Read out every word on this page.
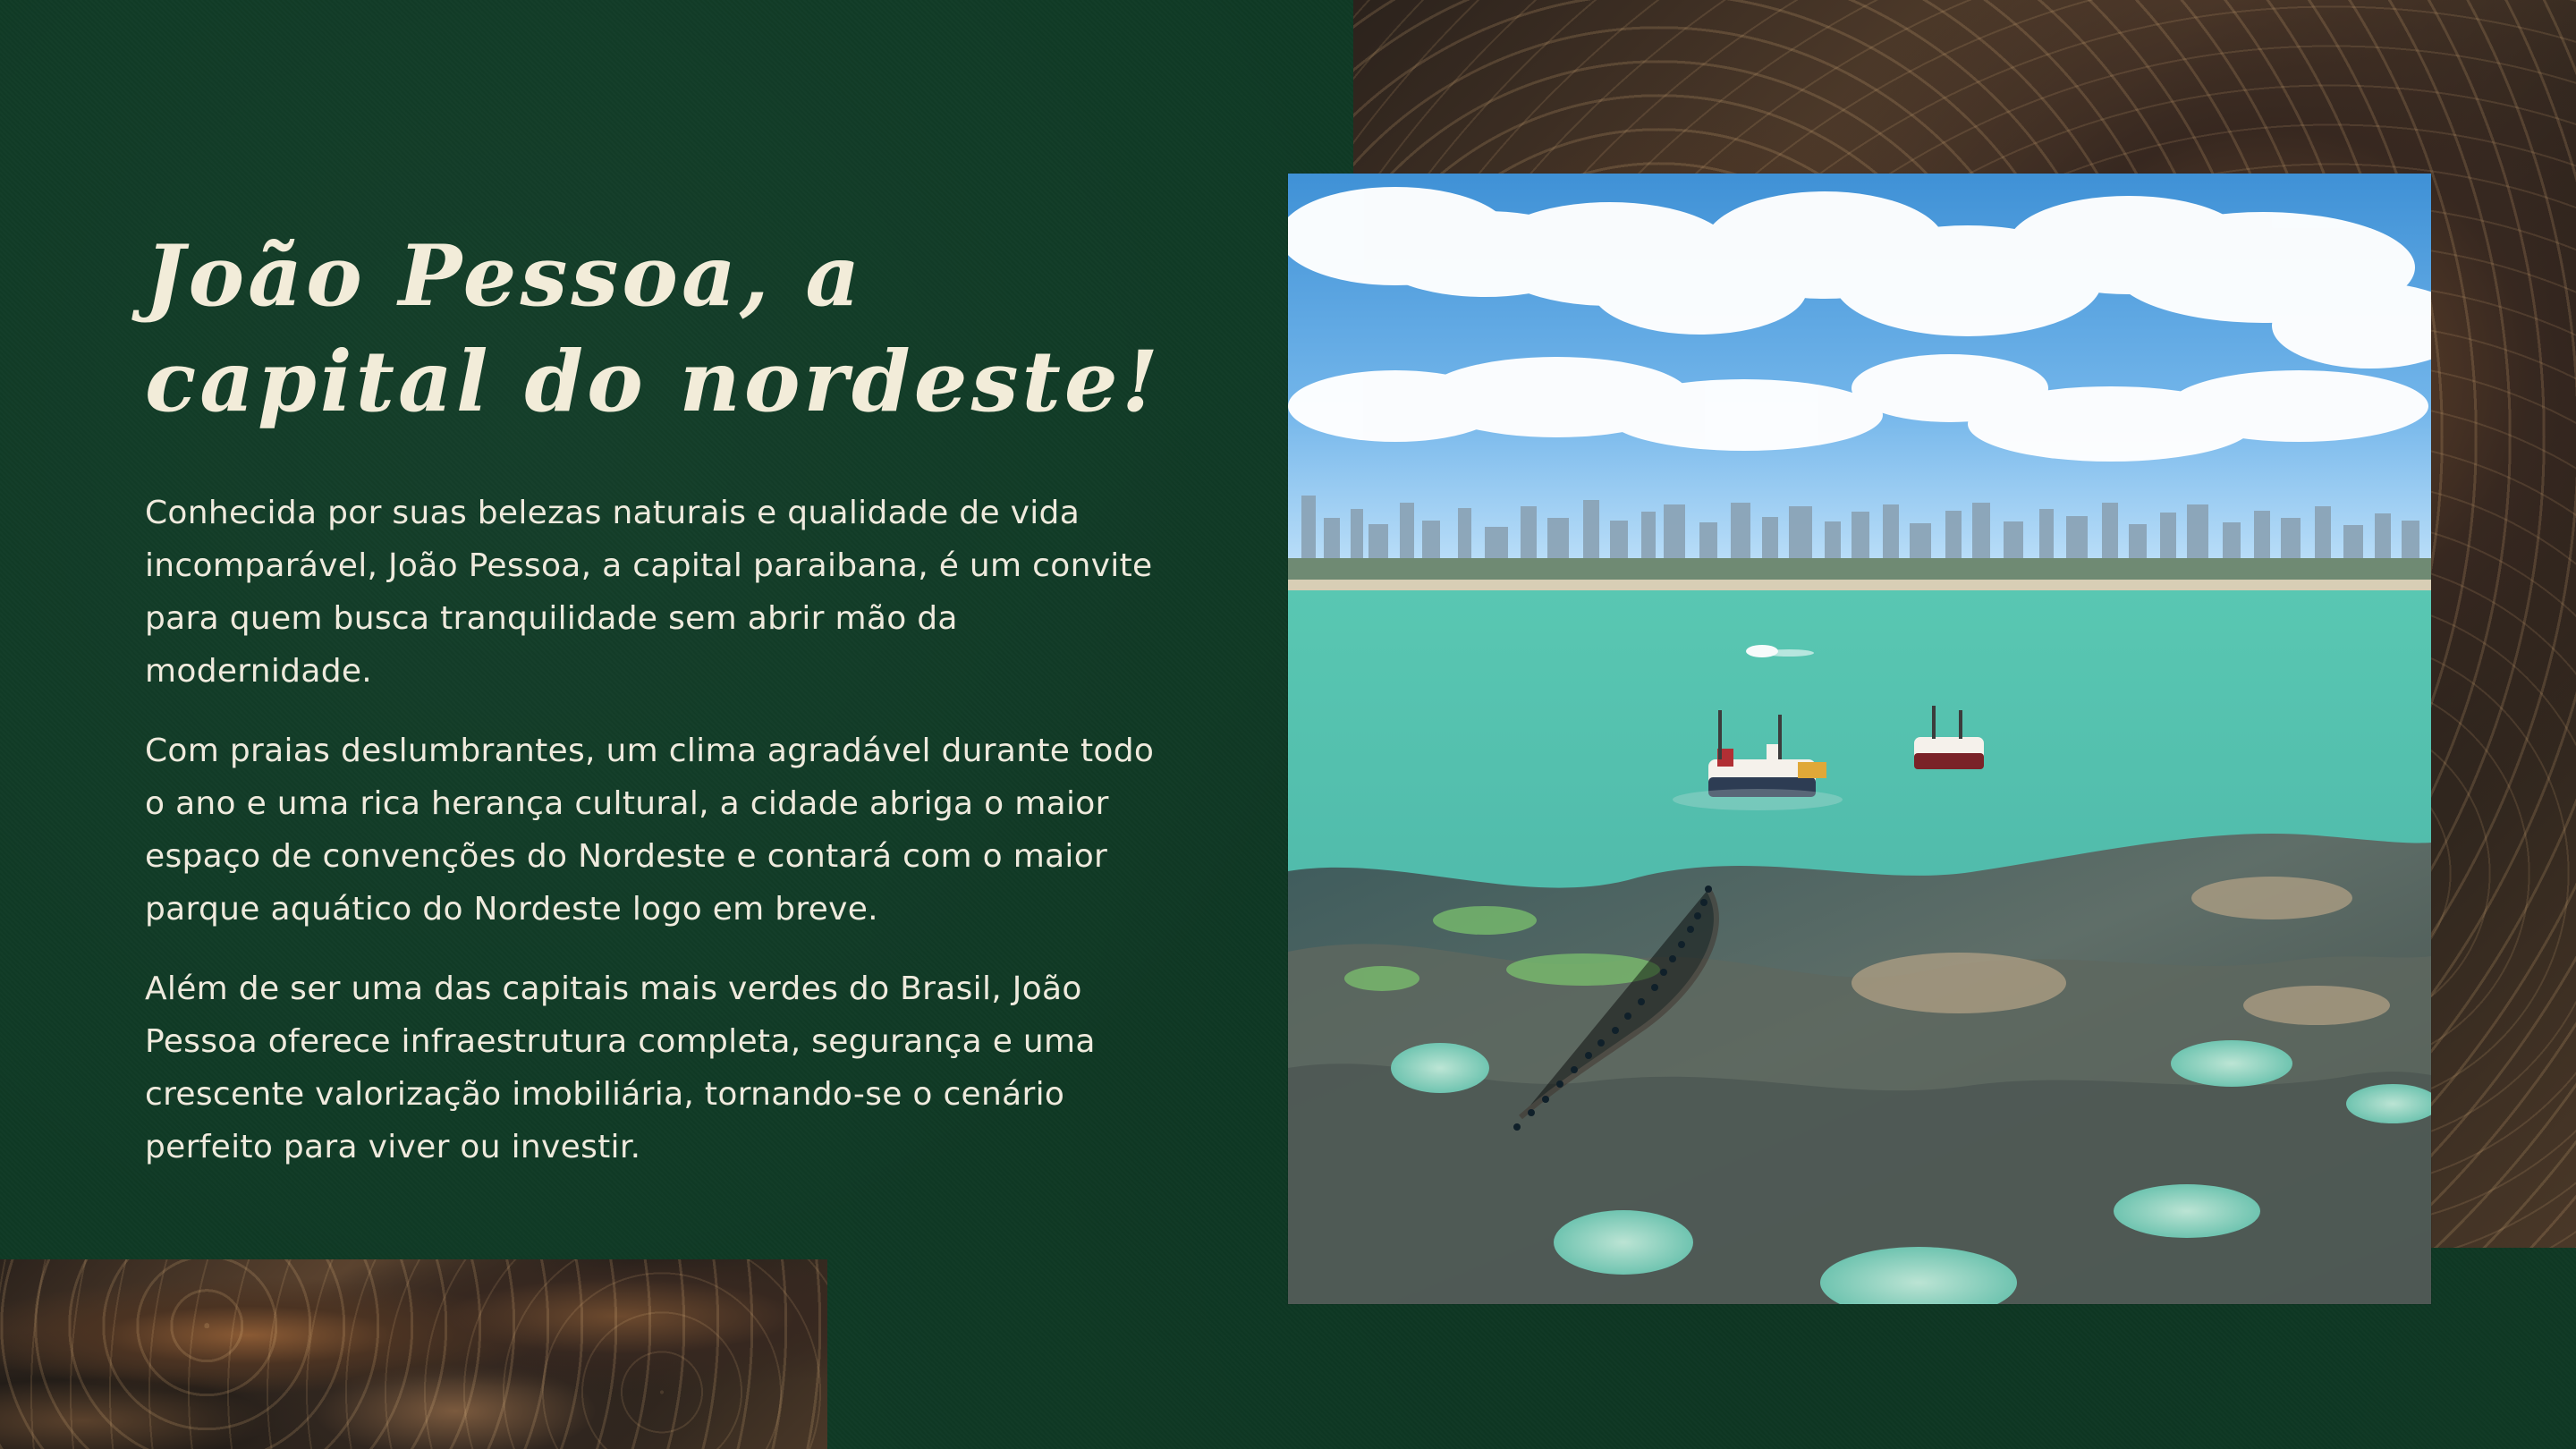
João Pessoa, a
capital do nordeste!

Conhecida por suas belezas naturais e qualidade de vida incomparável, João Pessoa, a capital paraibana, é um convite para quem busca tranquilidade sem abrir mão da modernidade.

Com praias deslumbrantes, um clima agradável durante todo o ano e uma rica herança cultural, a cidade abriga o maior espaço de convenções do Nordeste e contará com o maior parque aquático do Nordeste logo em breve.

Além de ser uma das capitais mais verdes do Brasil, João Pessoa oferece infraestrutura completa, segurança e uma crescente valorização imobiliária, tornando-se o cenário perfeito para viver ou investir.
